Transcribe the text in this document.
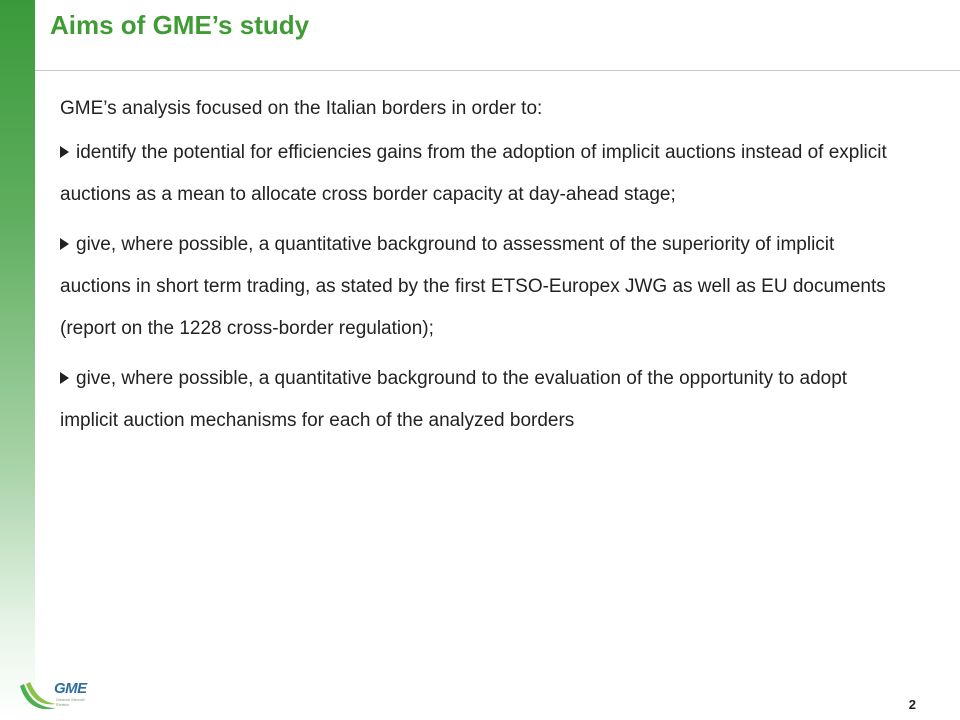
Aims of GME’s study

GME’s analysis focused on the Italian borders in order to:

identify the potential for efficiencies gains from the adoption of implicit auctions instead of explicit auctions as a mean to allocate cross border capacity at day-ahead stage;

give, where possible, a quantitative background to assessment of the superiority of implicit auctions in short term trading, as stated by the first ETSO-Europex JWG as well as EU documents (report on the 1228 cross-border regulation);

give, where possible, a quantitative background to the evaluation of the opportunity to adopt implicit auction mechanisms for each of the analyzed borders

GME
Gestore Mercati Elettrici	2
